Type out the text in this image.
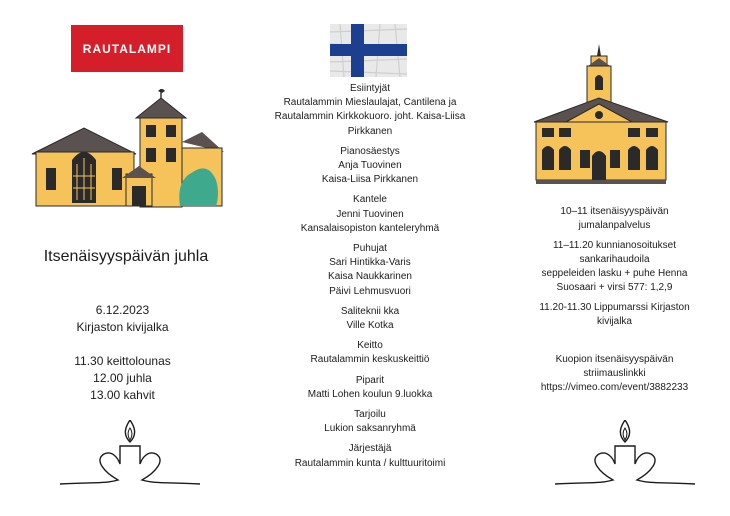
RAUTALAMPI
Itsenäisyyspäivän juhla
6.12.2023
Kirjaston kivijalka
11.30 keittolounas
12.00 juhla
13.00 kahvit
Esiintyjät
Rautalammin Mieslaulajat, Cantilena ja
Rautalammin Kirkkokuoro. joht. Kaisa-Liisa
Pirkkanen
Pianosäestys
Anja Tuovinen
Kaisa-Liisa Pirkkanen
Kantele
Jenni Tuovinen
Kansalaisopiston kanteleryhmä
Puhujat
Sari Hintikka-Varis
Kaisa Naukkarinen
Päivi Lehmusvuori
Saliteknii kka
Ville Kotka
Keitto
Rautalammin keskuskeittiö
Piparit
Matti Lohen koulun 9.luokka
Tarjoilu
Lukion saksanryhmä
Järjestäjä
Rautalammin kunta / kulttuuritoimi
10–11 itsenäisyyspäivän
jumalanpalvelus
11–11.20 kunnianosoitukset
sankarihaudoila
seppeleiden lasku + puhe Henna
Suosaari + virsi 577: 1,2,9
11.20-11.30 Lippumarssi Kirjaston
kivijalka
Kuopion itsenäisyyspäivän
striimauslinkki
https://vimeo.com/event/3882233
